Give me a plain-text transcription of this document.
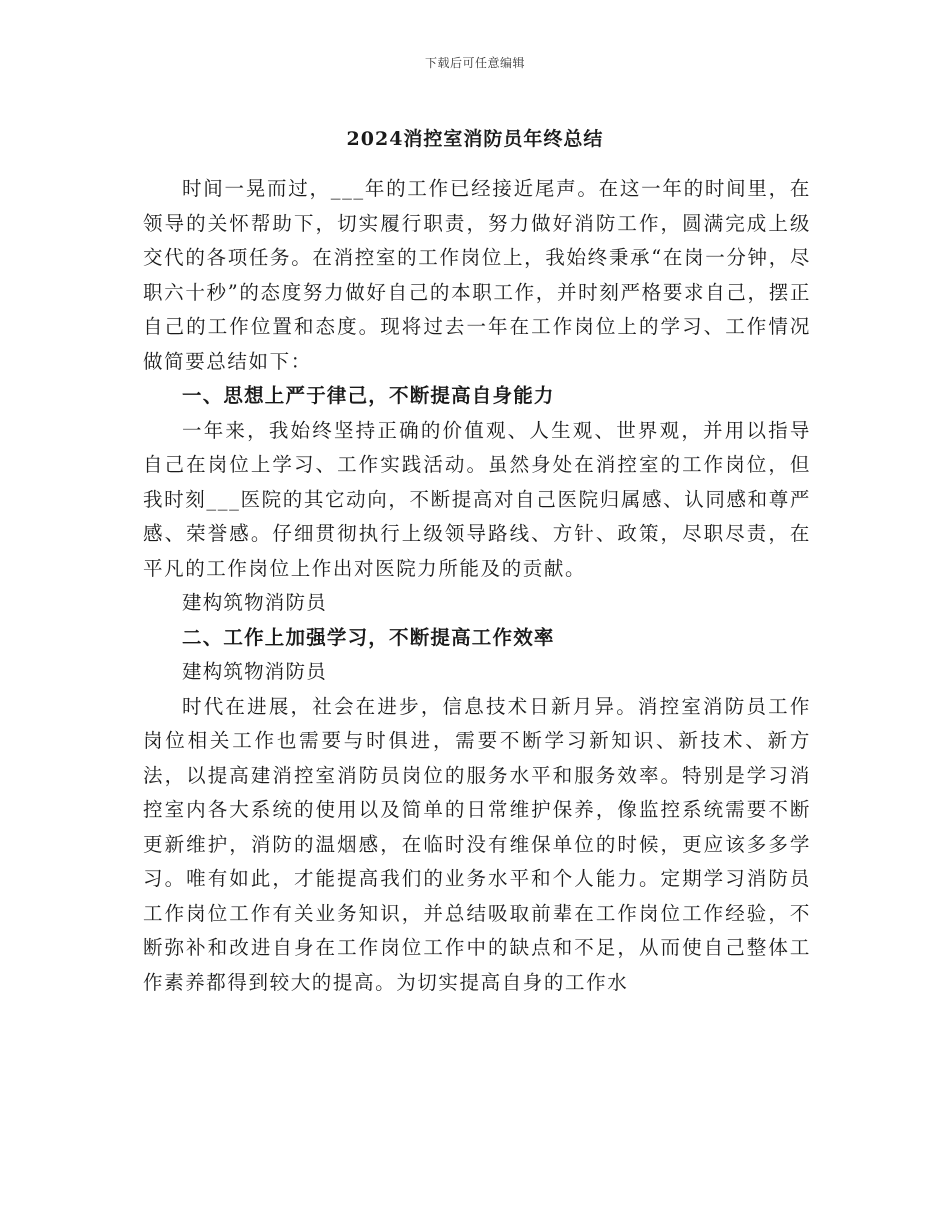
下载后可任意编辑
2024消控室消防员年终总结

时间一晃而过，___年的工作已经接近尾声。在这一年的时间里，在领导的关怀帮助下，切实履行职责，努力做好消防工作，圆满完成上级交代的各项任务。在消控室的工作岗位上，我始终秉承“在岗一分钟，尽职六十秒”的态度努力做好自己的本职工作，并时刻严格要求自己，摆正自己的工作位置和态度。现将过去一年在工作岗位上的学习、工作情况做简要总结如下：

一、思想上严于律己，不断提高自身能力

一年来，我始终坚持正确的价值观、人生观、世界观，并用以指导自己在岗位上学习、工作实践活动。虽然身处在消控室的工作岗位，但我时刻___医院的其它动向，不断提高对自己医院归属感、认同感和尊严感、荣誉感。仔细贯彻执行上级领导路线、方针、政策，尽职尽责，在平凡的工作岗位上作出对医院力所能及的贡献。

建构筑物消防员

二、工作上加强学习，不断提高工作效率

建构筑物消防员

时代在进展，社会在进步，信息技术日新月异。消控室消防员工作岗位相关工作也需要与时俱进，需要不断学习新知识、新技术、新方法，以提高建消控室消防员岗位的服务水平和服务效率。特别是学习消控室内各大系统的使用以及简单的日常维护保养，像监控系统需要不断更新维护，消防的温烟感，在临时没有维保单位的时候，更应该多多学习。唯有如此，才能提高我们的业务水平和个人能力。定期学习消防员工作岗位工作有关业务知识，并总结吸取前辈在工作岗位工作经验，不断弥补和改进自身在工作岗位工作中的缺点和不足，从而使自己整体工作素养都得到较大的提高。为切实提高自身的工作水
